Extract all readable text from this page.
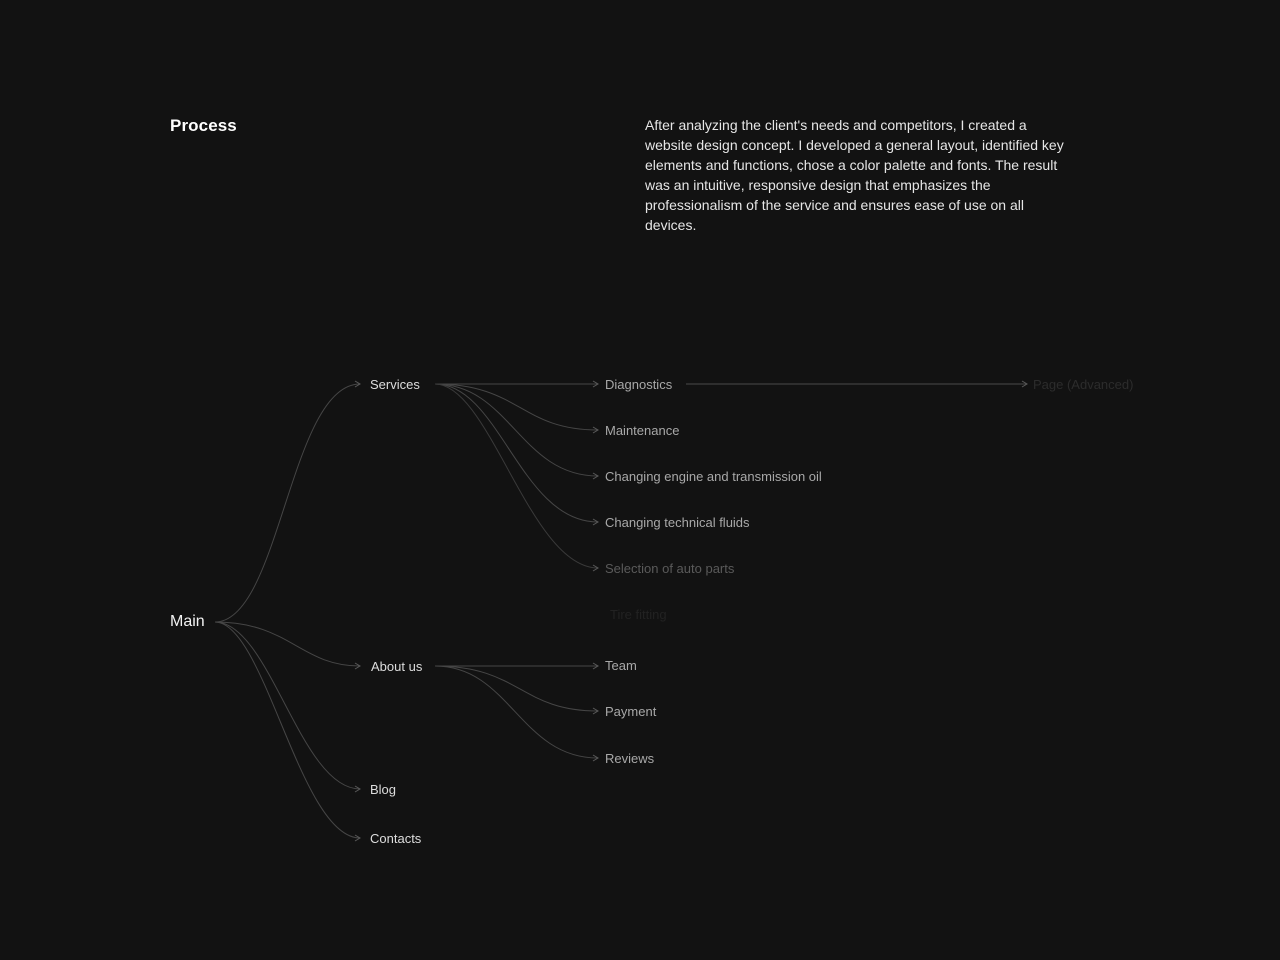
Process	After analyzing the client's needs and competitors, I created a website design concept. I developed a general layout, identified key elements and functions, chose a color palette and fonts. The result was an intuitive, responsive design that emphasizes the professionalism of the service and ensures ease of use on all devices.
Main
Services
About us
Blog
Contacts
Diagnostics
Maintenance
Changing engine and transmission oil
Changing technical fluids
Selection of auto parts
Tire fitting
Page (Advanced)
Team
Payment
Reviews
